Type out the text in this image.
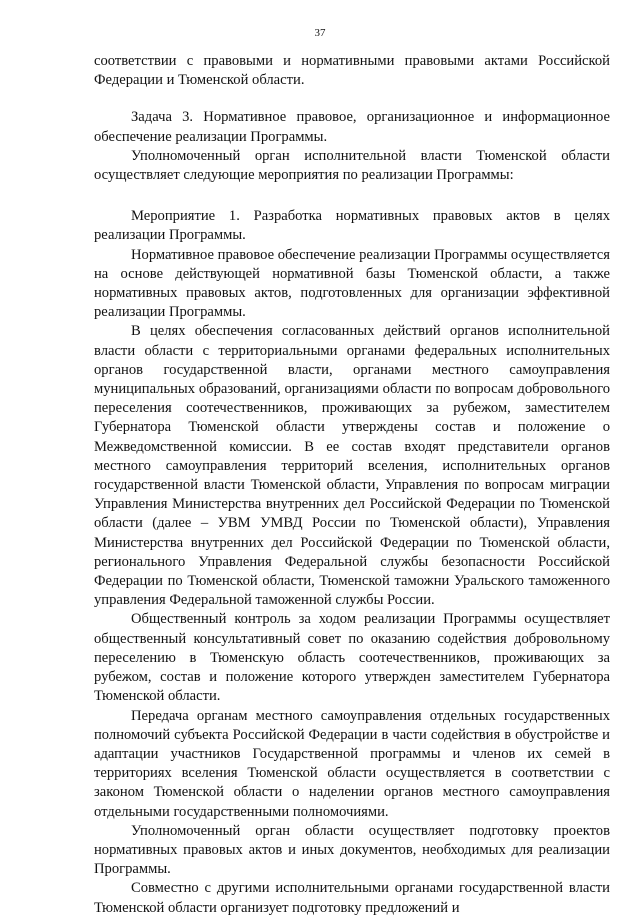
37

соответствии с правовыми и нормативными правовыми актами Российской Федерации и Тюменской области.

Задача 3. Нормативное правовое, организационное и информационное обеспечение реализации Программы.

Уполномоченный орган исполнительной власти Тюменской области осуществляет следующие мероприятия по реализации Программы:

Мероприятие 1. Разработка нормативных правовых актов в целях реализации Программы.

Нормативное правовое обеспечение реализации Программы осуществляется на основе действующей нормативной базы Тюменской области, а также нормативных правовых актов, подготовленных для организации эффективной реализации Программы.

В целях обеспечения согласованных действий органов исполнительной власти области с территориальными органами федеральных исполнительных органов государственной власти, органами местного самоуправления муниципальных образований, организациями области по вопросам добровольного переселения соотечественников, проживающих за рубежом, заместителем Губернатора Тюменской области утверждены состав и положение о Межведомственной комиссии. В ее состав входят представители органов местного самоуправления территорий вселения, исполнительных органов государственной власти Тюменской области, Управления по вопросам миграции Управления Министерства внутренних дел Российской Федерации по Тюменской области (далее – УВМ УМВД России по Тюменской области), Управления Министерства внутренних дел Российской Федерации по Тюменской области, регионального Управления Федеральной службы безопасности Российской Федерации по Тюменской области, Тюменской таможни Уральского таможенного управления Федеральной таможенной службы России.

Общественный контроль за ходом реализации Программы осуществляет общественный консультативный совет по оказанию содействия добровольному переселению в Тюменскую область соотечественников, проживающих за рубежом, состав и положение которого утвержден заместителем Губернатора Тюменской области.

Передача органам местного самоуправления отдельных государственных полномочий субъекта Российской Федерации в части содействия в обустройстве и адаптации участников Государственной программы и членов их семей в территориях вселения Тюменской области осуществляется в соответствии с законом Тюменской области о наделении органов местного самоуправления отдельными государственными полномочиями.

Уполномоченный орган области осуществляет подготовку проектов нормативных правовых актов и иных документов, необходимых для реализации Программы.

Совместно с другими исполнительными органами государственной власти Тюменской области организует подготовку предложений и
